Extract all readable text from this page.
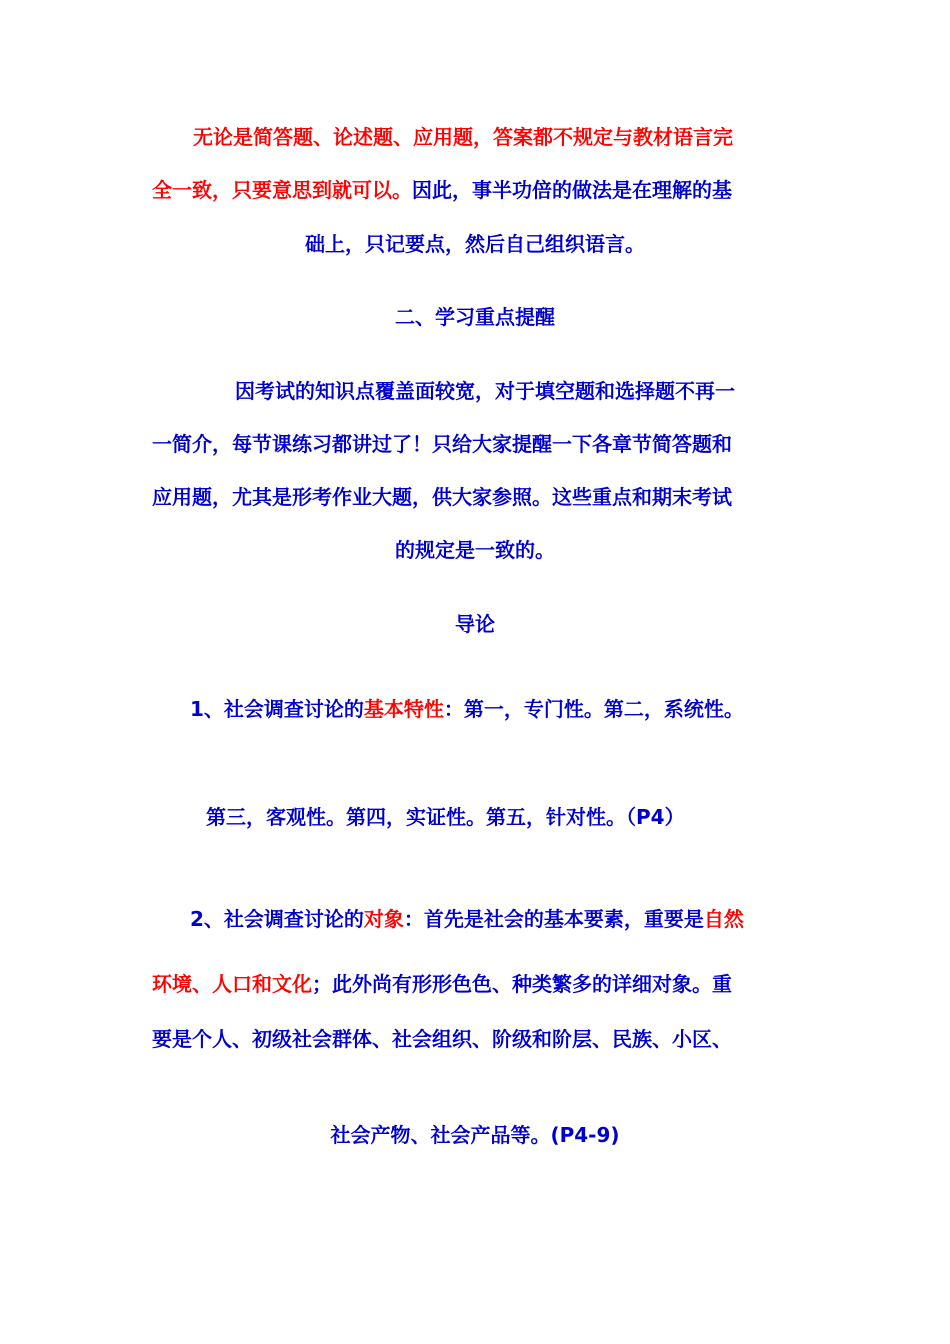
无论是简答题、论述题、应用题，答案都不规定与教材语言完
全一致，只要意思到就可以。因此，事半功倍的做法是在理解的基
础上，只记要点，然后自己组织语言。
二、学习重点提醒
因考试的知识点覆盖面较宽，对于填空题和选择题不再一
一简介，每节课练习都讲过了！只给大家提醒一下各章节简答题和
应用题，尤其是形考作业大题，供大家参照。这些重点和期末考试
的规定是一致的。
导论
1、社会调查讨论的基本特性：第一，专门性。第二，系统性。
第三，客观性。第四，实证性。第五，针对性。（P4）
2、社会调查讨论的对象：首先是社会的基本要素，重要是自然
环境、人口和文化；此外尚有形形色色、种类繁多的详细对象。重
要是个人、初级社会群体、社会组织、阶级和阶层、民族、小区、
社会产物、社会产品等。(P4-9)
